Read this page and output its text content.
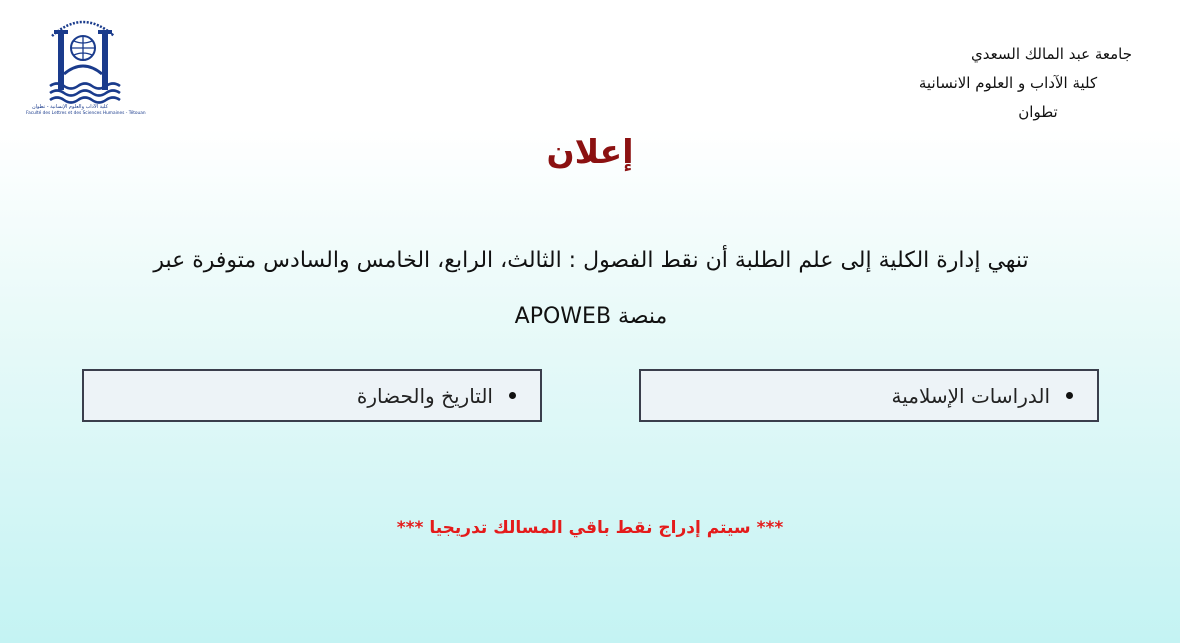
كلية الآداب والعلوم الإنسانية - تطوان
Faculté des Lettres et des Sciences Humaines - Tétouan
جامعة عبد المالك السعدي
كلية الآداب و العلوم الانسانية
تطوان
إعلان
تنهي إدارة الكلية إلى علم الطلبة أن نقط الفصول : الثالث، الرابع، الخامس والسادس متوفرة عبر
منصة APOWEB
الدراسات الإسلامية
التاريخ والحضارة
*** سيتم إدراج نقط باقي المسالك تدريجيا ***
